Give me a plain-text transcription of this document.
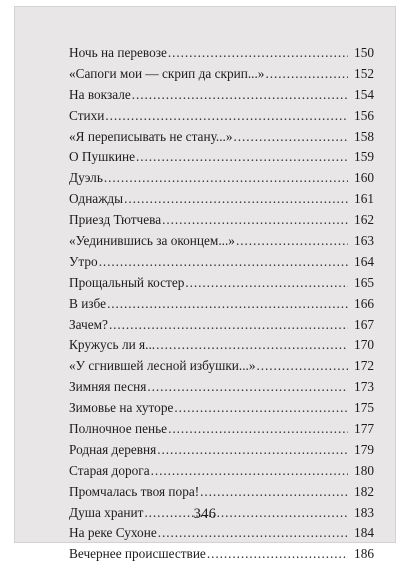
Ночь на перевозе . . .	150
«Сапоги мои — скрип да скрип...» . . .	152
На вокзале . . .	154
Стихи . . .	156
«Я переписывать не стану...» . . .	158
О Пушкине . . .	159
Дуэль . . .	160
Однажды . . .	161
Приезд Тютчева . . .	162
«Уединившись за оконцем...» . . .	163
Утро . . .	164
Прощальный костер . . .	165
В избе . . .	166
Зачем? . . .	167
Кружусь ли я... . . .	170
«У сгнившей лесной избушки...» . . .	172
Зимняя песня . . .	173
Зимовье на хуторе . . .	175
Полночное пенье . . .	177
Родная деревня . . .	179
Старая дорога . . .	180
Промчалась твоя пора! . . .	182
Душа хранит . . .	183
На реке Сухоне . . .	184
Вечернее происшествие . . .	186
346
